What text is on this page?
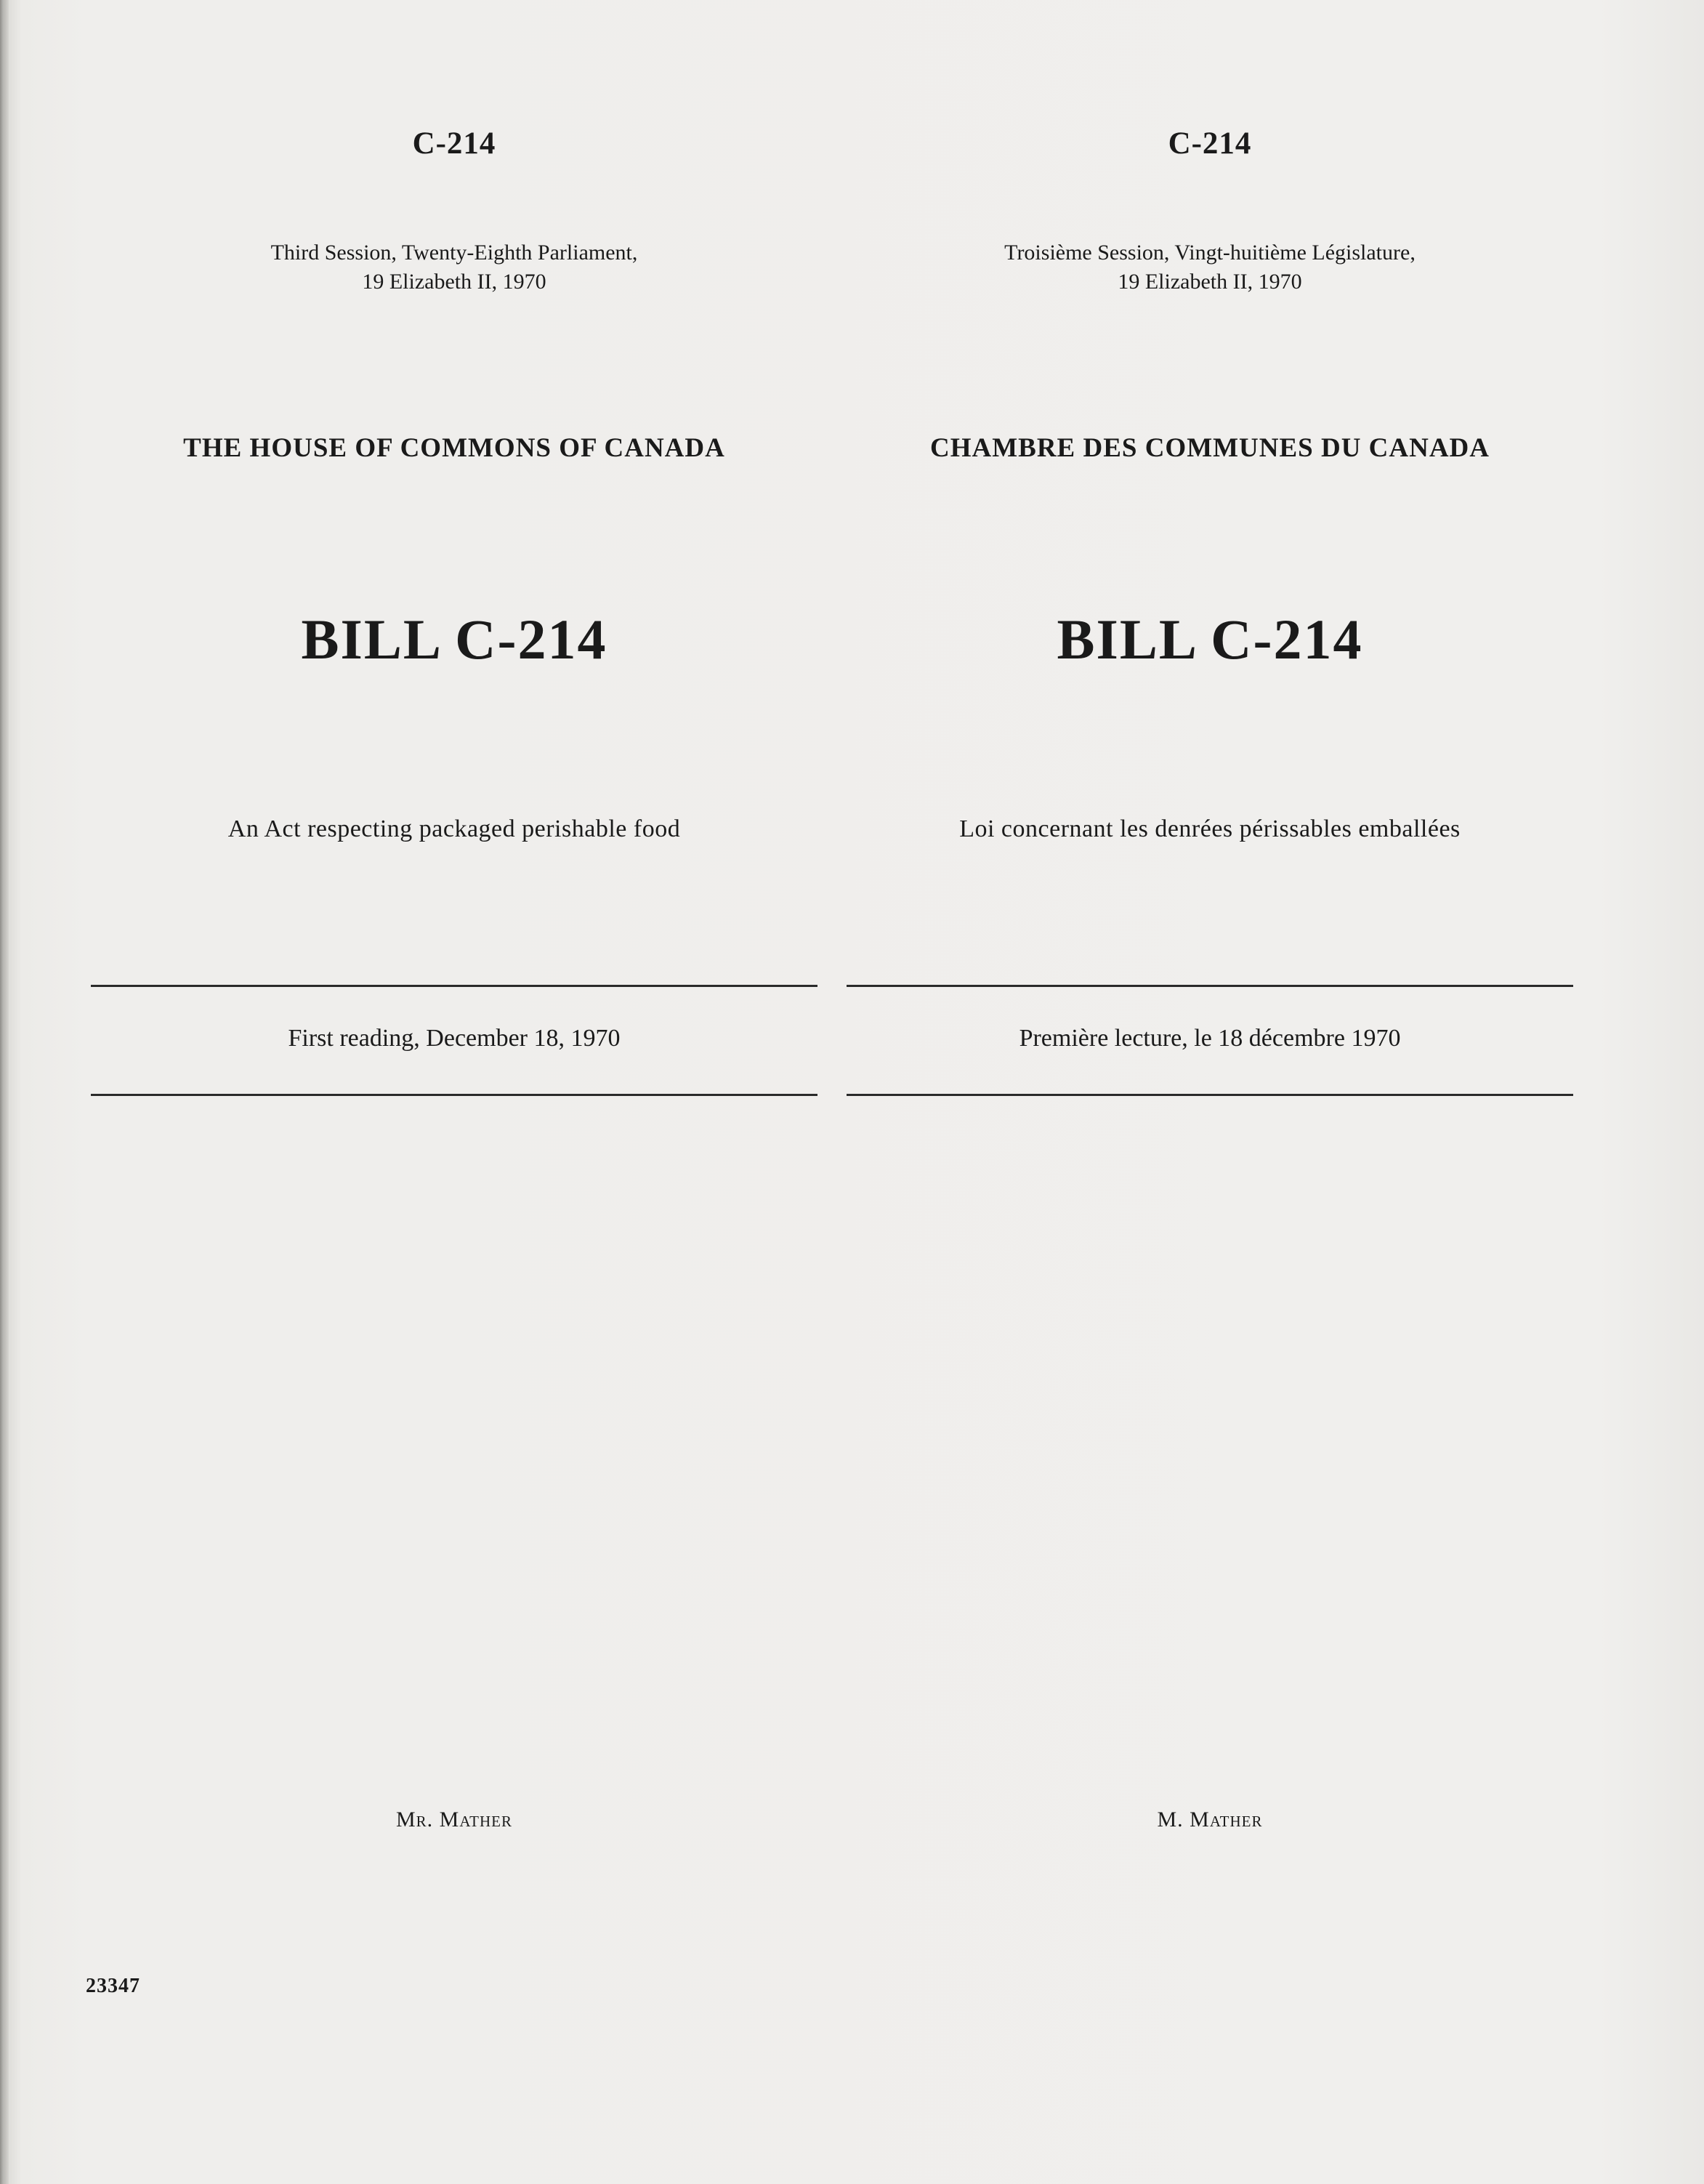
C-214

Third Session, Twenty-Eighth Parliament,
19 Elizabeth II, 1970

THE HOUSE OF COMMONS OF CANADA

BILL C-214

An Act respecting packaged perishable food

First reading, December 18, 1970

Mr. Mather

C-214

Troisième Session, Vingt-huitième Législature,
19 Elizabeth II, 1970

CHAMBRE DES COMMUNES DU CANADA

BILL C-214

Loi concernant les denrées périssables emballées

Première lecture, le 18 décembre 1970

M. Mather

23347
